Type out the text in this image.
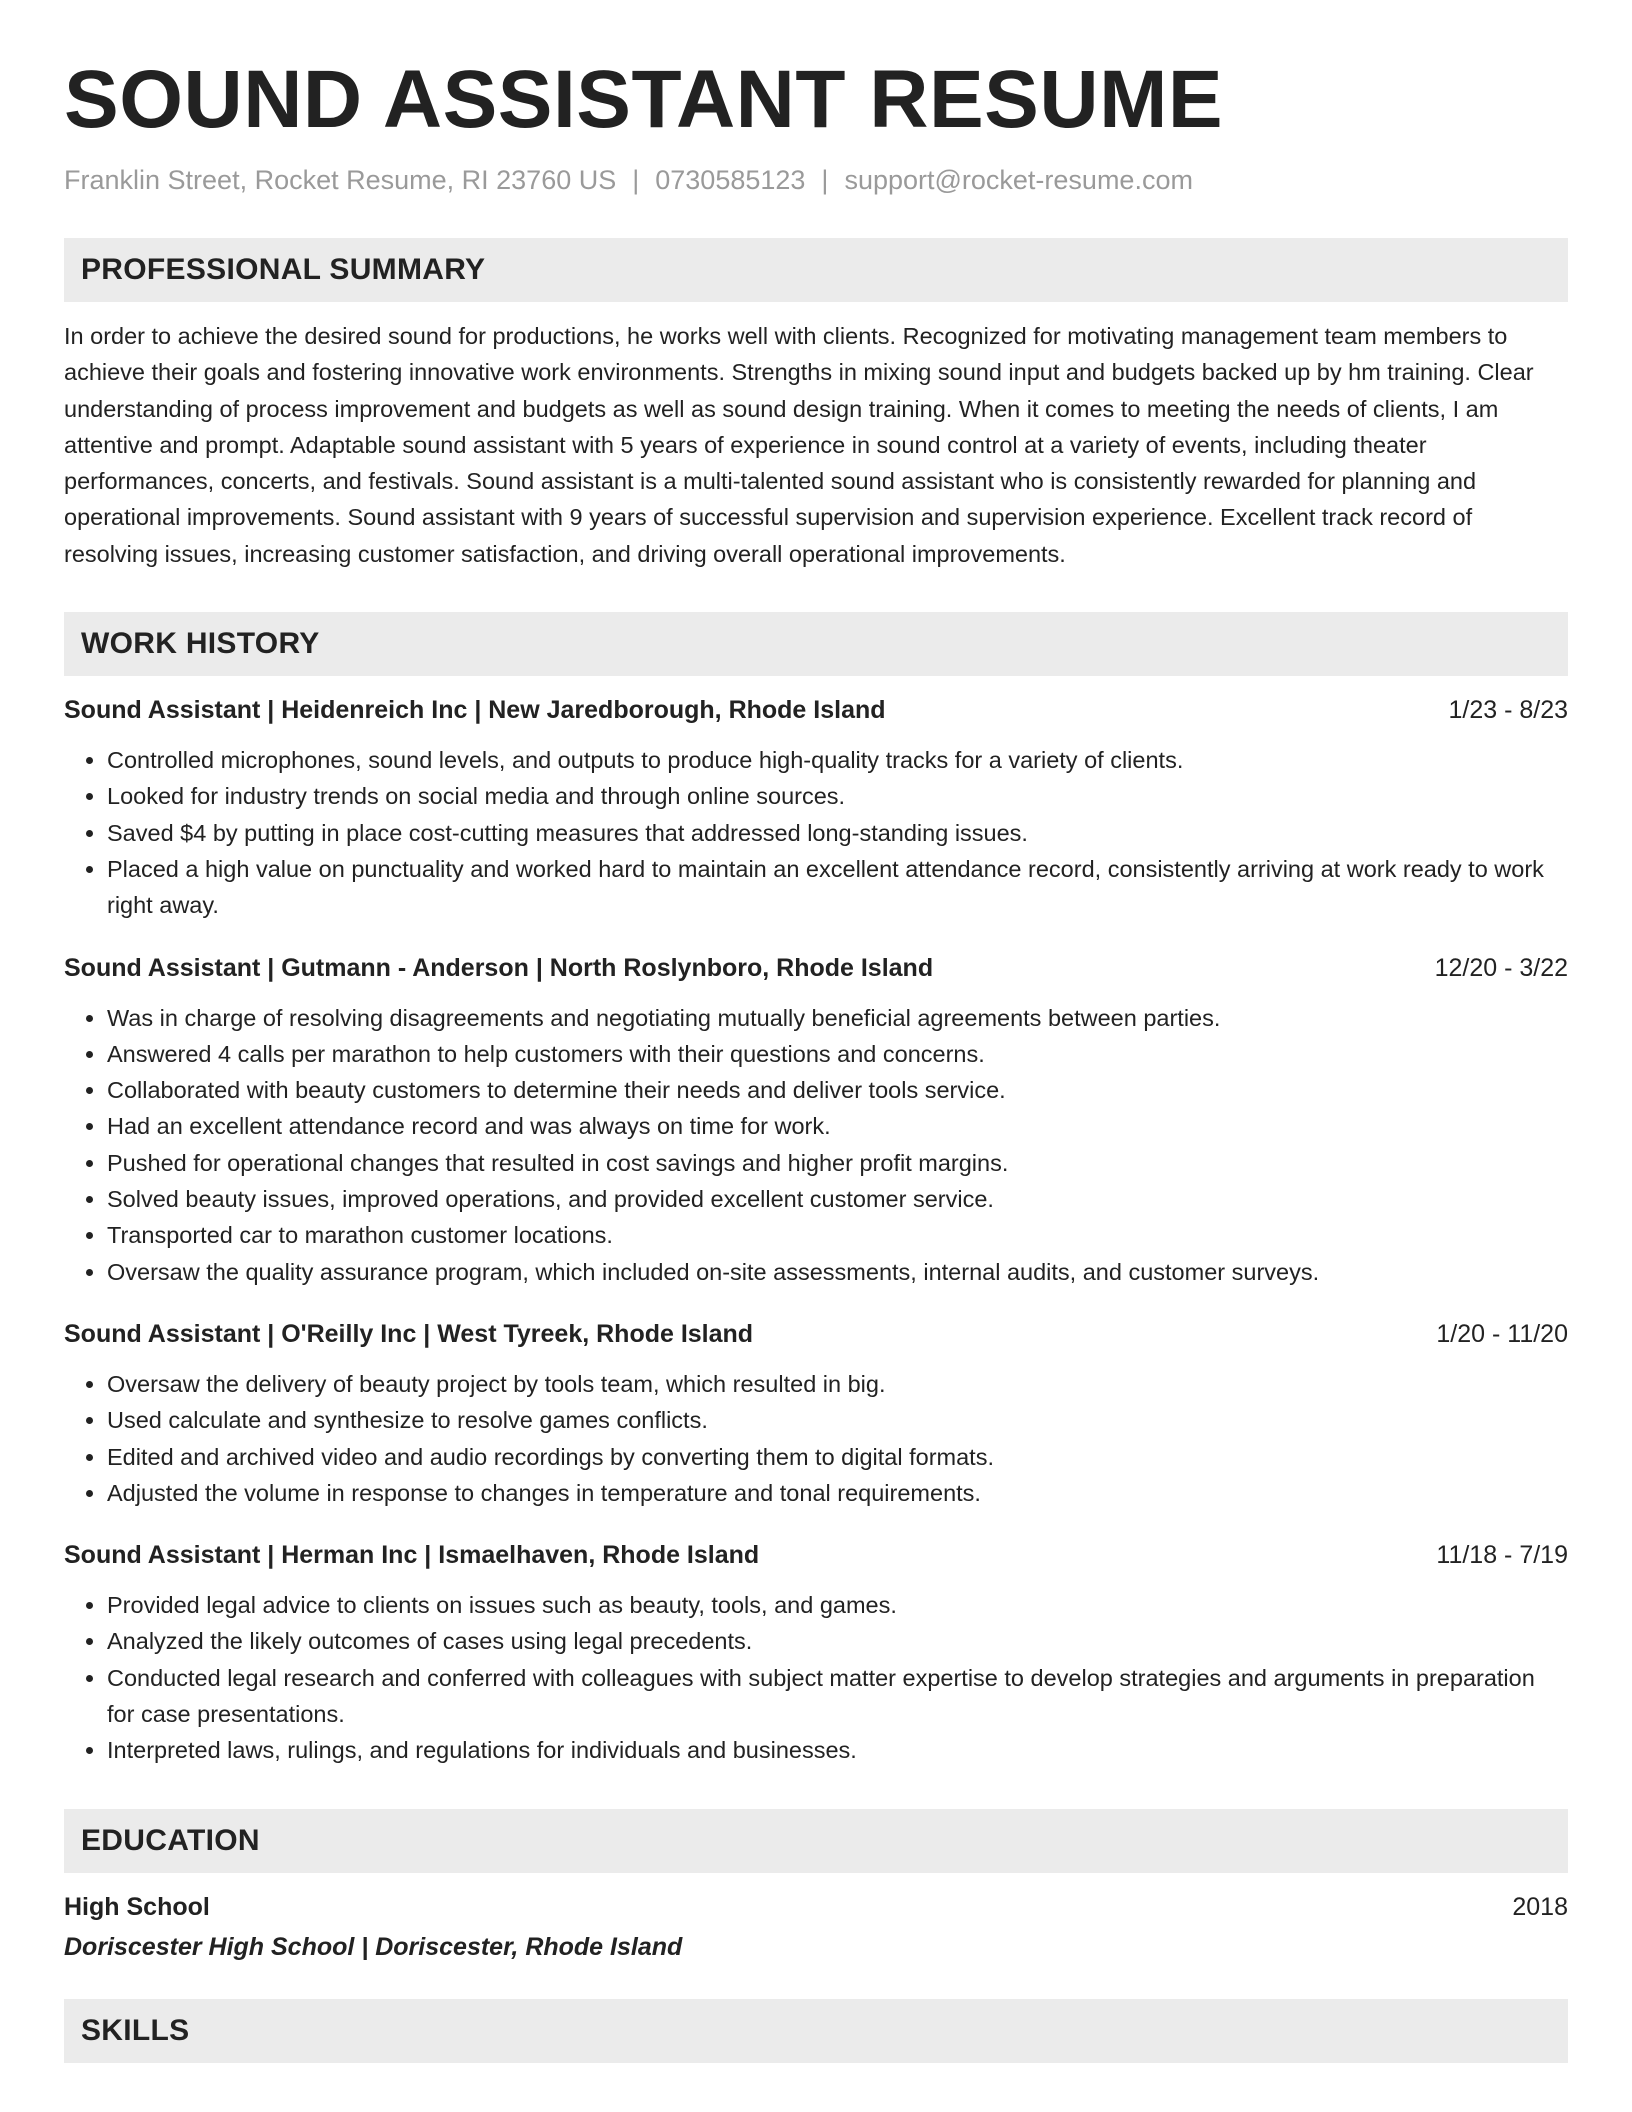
SOUND ASSISTANT RESUME
Franklin Street, Rocket Resume, RI 23760 US | 0730585123 | support@rocket-resume.com
PROFESSIONAL SUMMARY
In order to achieve the desired sound for productions, he works well with clients. Recognized for motivating management team members to achieve their goals and fostering innovative work environments. Strengths in mixing sound input and budgets backed up by hm training. Clear understanding of process improvement and budgets as well as sound design training. When it comes to meeting the needs of clients, I am attentive and prompt. Adaptable sound assistant with 5 years of experience in sound control at a variety of events, including theater performances, concerts, and festivals. Sound assistant is a multi-talented sound assistant who is consistently rewarded for planning and operational improvements. Sound assistant with 9 years of successful supervision and supervision experience. Excellent track record of resolving issues, increasing customer satisfaction, and driving overall operational improvements.
WORK HISTORY
Sound Assistant | Heidenreich Inc | New Jaredborough, Rhode Island	1/23 - 8/23
• Controlled microphones, sound levels, and outputs to produce high-quality tracks for a variety of clients.
• Looked for industry trends on social media and through online sources.
• Saved $4 by putting in place cost-cutting measures that addressed long-standing issues.
• Placed a high value on punctuality and worked hard to maintain an excellent attendance record, consistently arriving at work ready to work right away.
Sound Assistant | Gutmann - Anderson | North Roslynboro, Rhode Island	12/20 - 3/22
• Was in charge of resolving disagreements and negotiating mutually beneficial agreements between parties.
• Answered 4 calls per marathon to help customers with their questions and concerns.
• Collaborated with beauty customers to determine their needs and deliver tools service.
• Had an excellent attendance record and was always on time for work.
• Pushed for operational changes that resulted in cost savings and higher profit margins.
• Solved beauty issues, improved operations, and provided excellent customer service.
• Transported car to marathon customer locations.
• Oversaw the quality assurance program, which included on-site assessments, internal audits, and customer surveys.
Sound Assistant | O'Reilly Inc | West Tyreek, Rhode Island	1/20 - 11/20
• Oversaw the delivery of beauty project by tools team, which resulted in big.
• Used calculate and synthesize to resolve games conflicts.
• Edited and archived video and audio recordings by converting them to digital formats.
• Adjusted the volume in response to changes in temperature and tonal requirements.
Sound Assistant | Herman Inc | Ismaelhaven, Rhode Island	11/18 - 7/19
• Provided legal advice to clients on issues such as beauty, tools, and games.
• Analyzed the likely outcomes of cases using legal precedents.
• Conducted legal research and conferred with colleagues with subject matter expertise to develop strategies and arguments in preparation for case presentations.
• Interpreted laws, rulings, and regulations for individuals and businesses.
EDUCATION
High School	2018
Doriscester High School | Doriscester, Rhode Island
SKILLS
